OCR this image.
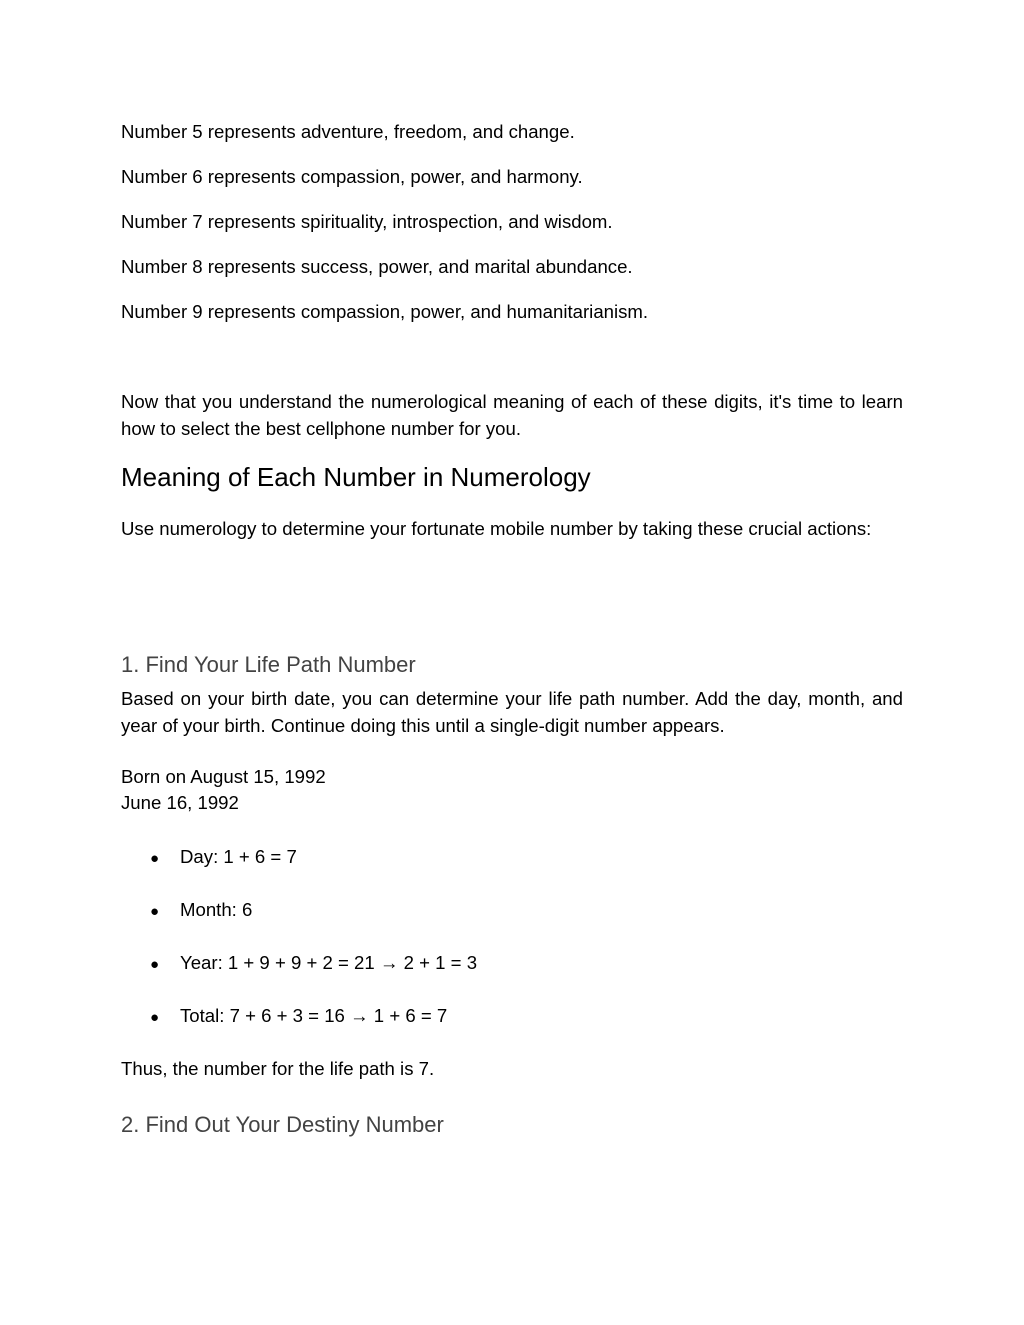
Number 5 represents adventure, freedom, and change.

Number 6 represents compassion, power, and harmony.

Number 7 represents spirituality, introspection, and wisdom.

Number 8 represents success, power, and marital abundance.

Number 9 represents compassion, power, and humanitarianism.

Now that you understand the numerological meaning of each of these digits, it's time to learn how to select the best cellphone number for you.

Meaning of Each Number in Numerology

Use numerology to determine your fortunate mobile number by taking these crucial actions:

1. Find Your Life Path Number

Based on your birth date, you can determine your life path number. Add the day, month, and year of your birth. Continue doing this until a single-digit number appears.

Born on August 15, 1992

June 16, 1992

● Day: 1 + 6 = 7
● Month: 6
● Year: 1 + 9 + 9 + 2 = 21 → 2 + 1 = 3
● Total: 7 + 6 + 3 = 16 → 1 + 6 = 7

Thus, the number for the life path is 7.

2. Find Out Your Destiny Number
